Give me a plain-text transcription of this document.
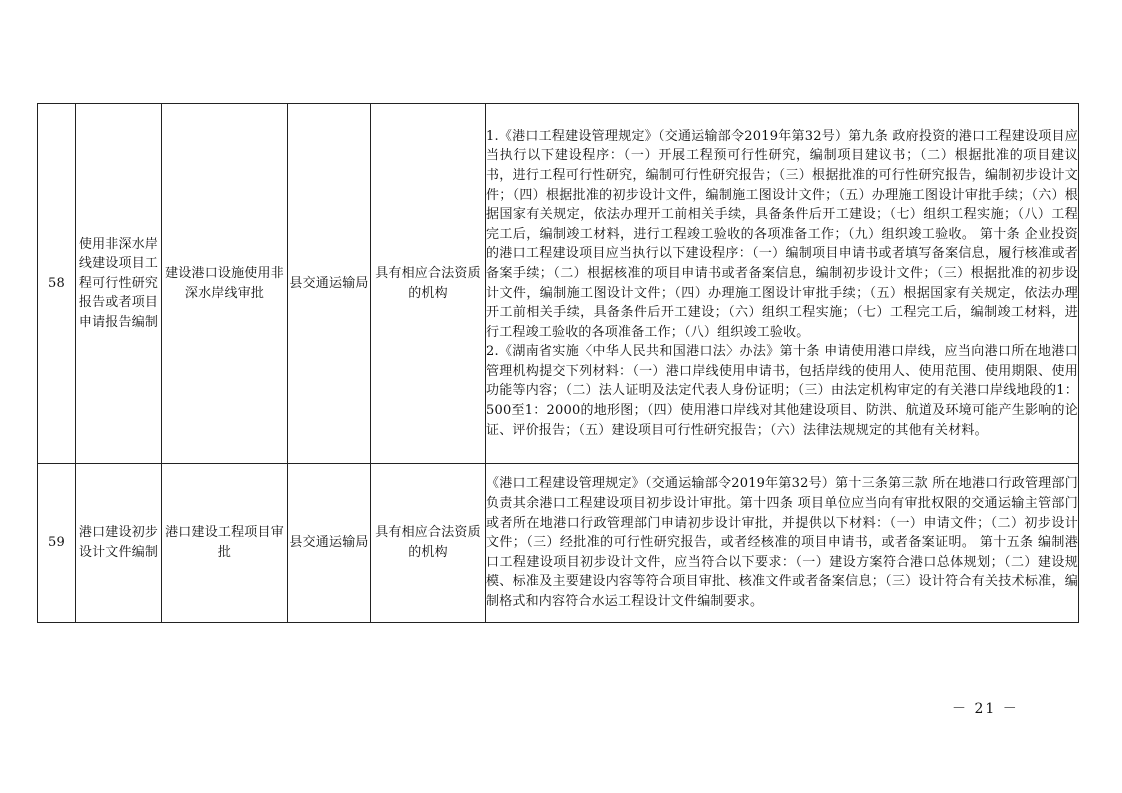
58	使用非深水岸线建设项目工程可行性研究报告或者项目申请报告编制	建设港口设施使用非深水岸线审批	县交通运输局	具有相应合法资质的机构	1.《港口工程建设管理规定》（交通运输部令2019年第32号）第九条 政府投资的港口工程建设项目应当执行以下建设程序：（一）开展工程预可行性研究，编制项目建议书；（二）根据批准的项目建议书，进行工程可行性研究，编制可行性研究报告；（三）根据批准的可行性研究报告，编制初步设计文件；（四）根据批准的初步设计文件，编制施工图设计文件；（五）办理施工图设计审批手续；（六）根据国家有关规定，依法办理开工前相关手续，具备条件后开工建设；（七）组织工程实施；（八）工程完工后，编制竣工材料，进行工程竣工验收的各项准备工作；（九）组织竣工验收。 第十条 企业投资的港口工程建设项目应当执行以下建设程序：（一）编制项目申请书或者填写备案信息，履行核准或者备案手续；（二）根据核准的项目申请书或者备案信息，编制初步设计文件；（三）根据批准的初步设计文件，编制施工图设计文件；（四）办理施工图设计审批手续；（五）根据国家有关规定，依法办理开工前相关手续，具备条件后开工建设；（六）组织工程实施；（七）工程完工后，编制竣工材料，进行工程竣工验收的各项准备工作；（八）组织竣工验收。

2.《湖南省实施〈中华人民共和国港口法〉办法》第十条 申请使用港口岸线，应当向港口所在地港口管理机构提交下列材料：（一）港口岸线使用申请书，包括岸线的使用人、使用范围、使用期限、使用功能等内容；（二）法人证明及法定代表人身份证明；（三）由法定机构审定的有关港口岸线地段的1：500至1：2000的地形图；（四）使用港口岸线对其他建设项目、防洪、航道及环境可能产生影响的论证、评价报告；（五）建设项目可行性研究报告；（六）法律法规规定的其他有关材料。

59	港口建设初步设计文件编制	港口建设工程项目审批	县交通运输局	具有相应合法资质的机构	《港口工程建设管理规定》（交通运输部令2019年第32号）第十三条第三款 所在地港口行政管理部门负责其余港口工程建设项目初步设计审批。第十四条 项目单位应当向有审批权限的交通运输主管部门或者所在地港口行政管理部门申请初步设计审批，并提供以下材料：（一）申请文件；（二）初步设计文件；（三）经批准的可行性研究报告，或者经核准的项目申请书，或者备案证明。 第十五条 编制港口工程建设项目初步设计文件，应当符合以下要求：（一）建设方案符合港口总体规划；（二）建设规模、标准及主要建设内容等符合项目审批、核准文件或者备案信息；（三）设计符合有关技术标准，编制格式和内容符合水运工程设计文件编制要求。

－ 21 －
